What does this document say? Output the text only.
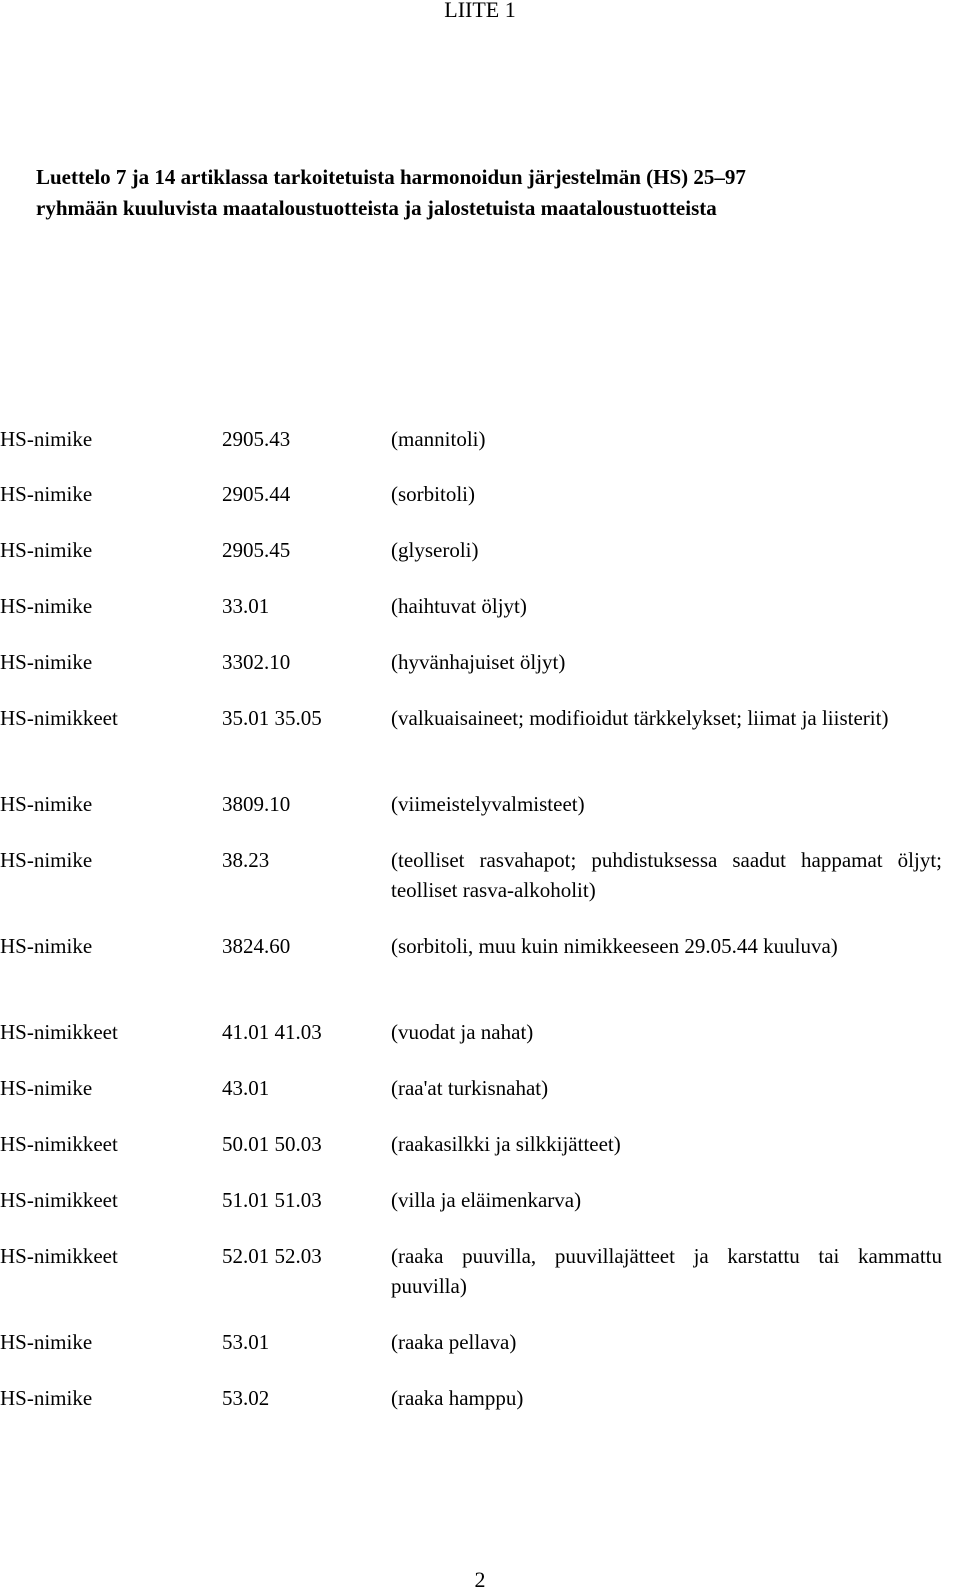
LIITE 1
Luettelo 7 ja 14 artiklassa tarkoitetuista harmonoidun järjestelmän (HS) 25–97
ryhmään kuuluvista maataloustuotteista ja jalostetuista maataloustuotteista
HS-nimike	2905.43	(mannitoli)
HS-nimike	2905.44	(sorbitoli)
HS-nimike	2905.45	(glyseroli)
HS-nimike	33.01	(haihtuvat öljyt)
HS-nimike	3302.10	(hyvänhajuiset öljyt)
HS-nimikkeet	35.01 35.05	(valkuaisaineet; modifioidut tärkkelykset; liimat ja liisterit)
HS-nimike	3809.10	(viimeistelyvalmisteet)
HS-nimike	38.23	(teolliset rasvahapot; puhdistuksessa saadut happamat öljyt; teolliset rasva-alkoholit)
HS-nimike	3824.60	(sorbitoli, muu kuin nimikkeeseen 29.05.44 kuuluva)
HS-nimikkeet	41.01 41.03	(vuodat ja nahat)
HS-nimike	43.01	(raa'at turkisnahat)
HS-nimikkeet	50.01 50.03	(raakasilkki ja silkkijätteet)
HS-nimikkeet	51.01 51.03	(villa ja eläimenkarva)
HS-nimikkeet	52.01 52.03	(raaka puuvilla, puuvillajätteet ja karstattu tai kammattu puuvilla)
HS-nimike	53.01	(raaka pellava)
HS-nimike	53.02	(raaka hamppu)
2
